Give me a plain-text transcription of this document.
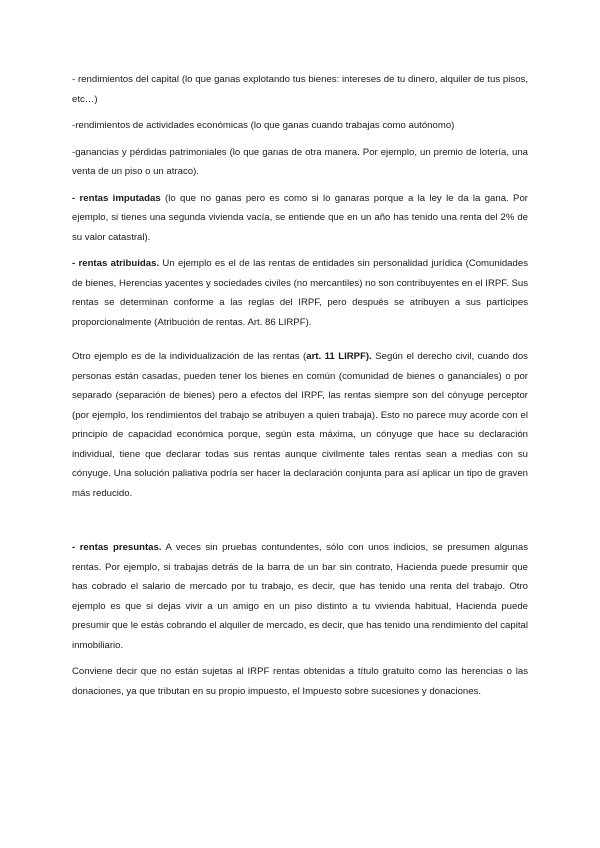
- rendimientos del capital (lo que ganas explotando tus bienes: intereses de tu dinero, alquiler de tus pisos, etc…)

-rendimientos de actividades económicas (lo que ganas cuando trabajas como autónomo)

-ganancias y pérdidas patrimoniales (lo que ganas de otra manera. Por ejemplo, un premio de lotería, una venta de un piso o un atraco).

- rentas imputadas (lo que no ganas pero es como si lo ganaras porque a la ley le da la gana. Por ejemplo, si tienes una segunda vivienda vacía, se entiende que en un año has tenido una renta del 2% de su valor catastral).

- rentas atribuidas. Un ejemplo es el de las rentas de entidades sin personalidad jurídica (Comunidades de bienes, Herencias yacentes y sociedades civiles (no mercantiles) no son contribuyentes en el IRPF. Sus rentas se determinan conforme a las reglas del IRPF, pero después se atribuyen a sus partícipes proporcionalmente (Atribución de rentas. Art. 86 LIRPF).

Otro ejemplo es de la individualización de las rentas (art. 11 LIRPF). Según el derecho civil, cuando dos personas están casadas, pueden tener los bienes en común (comunidad de bienes o gananciales) o por separado (separación de bienes) pero a efectos del IRPF, las rentas siempre son del cónyuge perceptor (por ejemplo, los rendimientos del trabajo se atribuyen a quien trabaja). Esto no parece muy acorde con el principio de capacidad económica porque, según esta máxima, un cónyuge que hace su declaración individual, tiene que declarar todas sus rentas aunque civilmente tales rentas sean a medias con su cónyuge. Una solución paliativa podría ser hacer la declaración conjunta para así aplicar un tipo de graven más reducido.

- rentas presuntas. A veces sin pruebas contundentes, sólo con unos indicios, se presumen algunas rentas. Por ejemplo, si trabajas detrás de la barra de un bar sin contrato, Hacienda puede presumir que has cobrado el salario de mercado por tu trabajo, es decir, que has tenido una renta del trabajo. Otro ejemplo es que si dejas vivir a un amigo en un piso distinto a tu vivienda habitual, Hacienda puede presumir que le estás cobrando el alquiler de mercado, es decir, que has tenido una rendimiento del capital inmobiliario.

Conviene decir que no están sujetas al IRPF rentas obtenidas a título gratuito como las herencias o las donaciones, ya que tributan en su propio impuesto, el Impuesto sobre sucesiones y donaciones.
